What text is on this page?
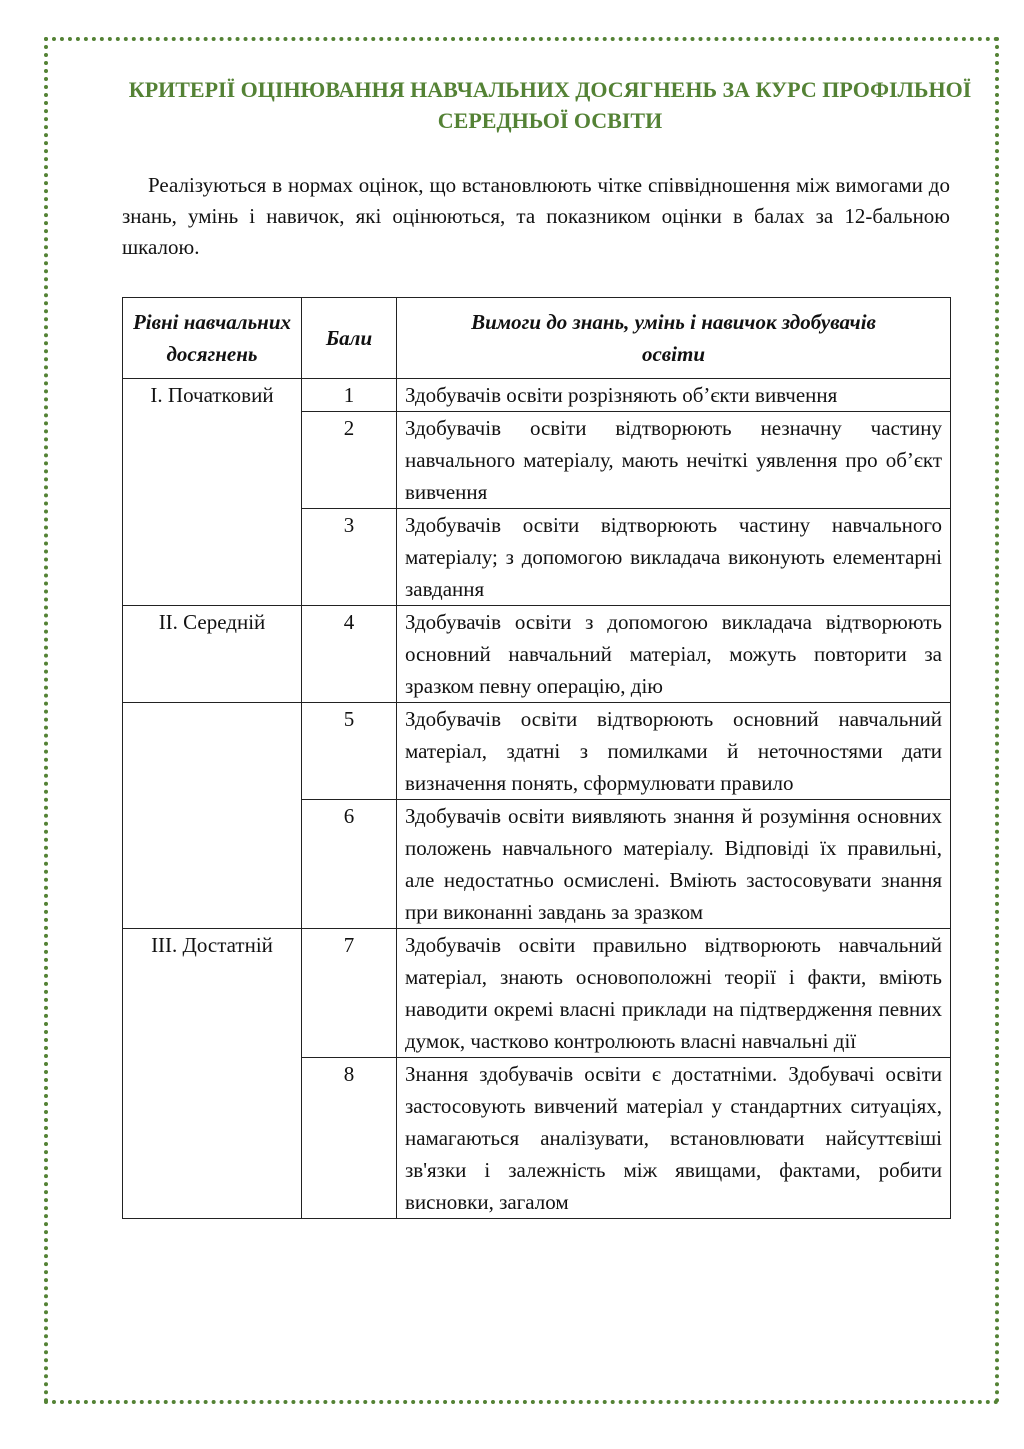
КРИТЕРІЇ ОЦІНЮВАННЯ НАВЧАЛЬНИХ ДОСЯГНЕНЬ ЗА КУРС ПРОФІЛЬНОЇ СЕРЕДНЬОЇ ОСВІТИ
Реалізуються в нормах оцінок, що встановлюють чітке співвідношення між вимогами до знань, умінь і навичок, які оцінюються, та показником оцінки в балах за 12-бальною шкалою.
Рівні навчальних досягнень	Бали	Вимоги до знань, умінь і навичок здобувачів освіти
І. Початковий	1	Здобувачів освіти розрізняють об’єкти вивчення
	2	Здобувачів освіти відтворюють незначну частину навчального матеріалу, мають нечіткі уявлення про об’єкт вивчення
	3	Здобувачів освіти відтворюють частину навчального матеріалу; з допомогою викладача виконують елементарні завдання
ІІ. Середній	4	Здобувачів освіти з допомогою викладача відтворюють основний навчальний матеріал, можуть повторити за зразком певну операцію, дію
	5	Здобувачів освіти відтворюють основний навчальний матеріал, здатні з помилками й неточностями дати визначення понять, сформулювати правило
	6	Здобувачів освіти виявляють знання й розуміння основних положень навчального матеріалу. Відповіді їх правильні, але недостатньо осмислені. Вміють застосовувати знання при виконанні завдань за зразком
ІІІ. Достатній	7	Здобувачів освіти правильно відтворюють навчальний матеріал, знають основоположні теорії і факти, вміють наводити окремі власні приклади на підтвердження певних думок, частково контролюють власні навчальні дії
	8	Знання здобувачів освіти є достатніми. Здобувачі освіти застосовують вивчений матеріал у стандартних ситуаціях, намагаються аналізувати, встановлювати найсуттєвіші зв'язки і залежність між явищами, фактами, робити висновки, загалом
